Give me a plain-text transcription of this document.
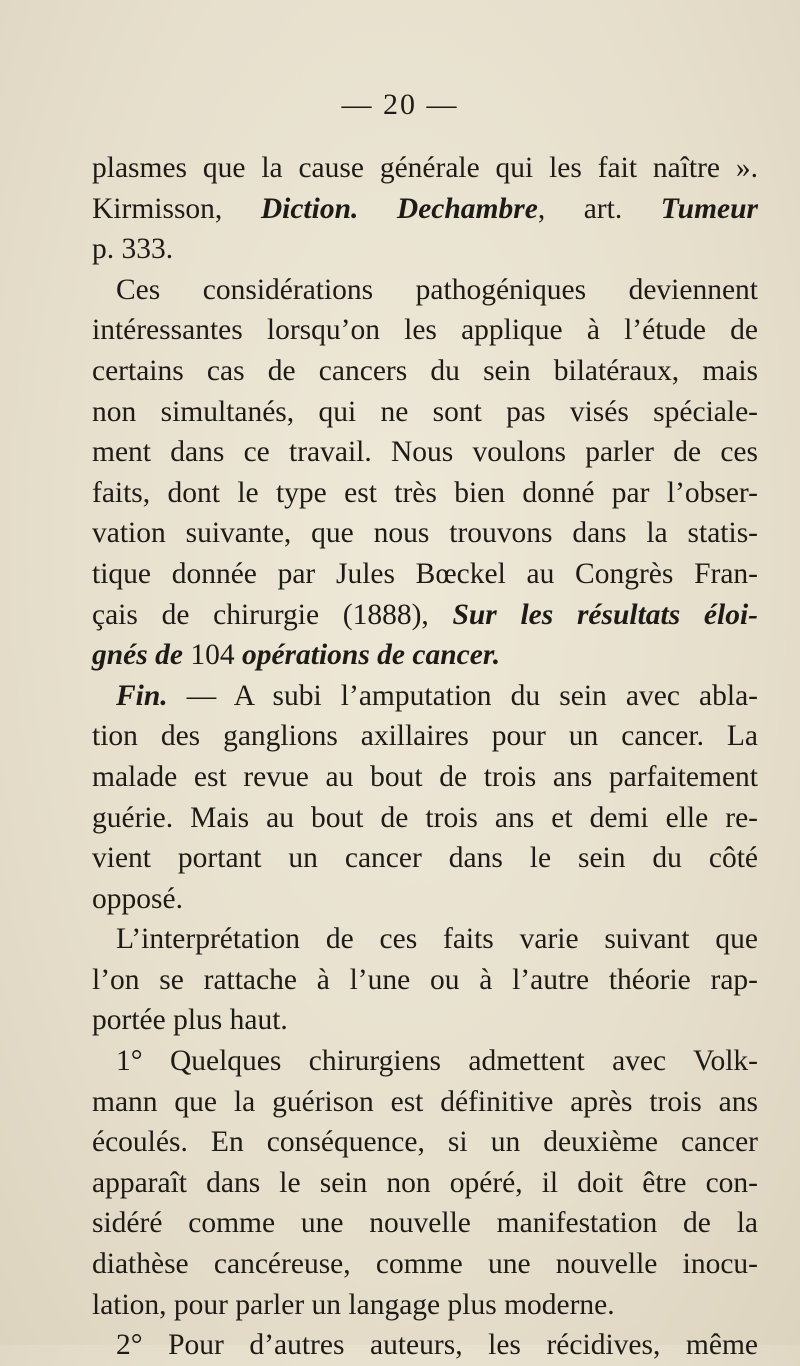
— 20 —
plasmes que la cause générale qui les fait naître ».
Kirmisson, Diction. Dechambre, art. Tumeur
p. 333.
Ces considérations pathogéniques deviennent
intéressantes lorsqu’on les applique à l’étude de
certains cas de cancers du sein bilatéraux, mais
non simultanés, qui ne sont pas visés spéciale-
ment dans ce travail. Nous voulons parler de ces
faits, dont le type est très bien donné par l’obser-
vation suivante, que nous trouvons dans la statis-
tique donnée par Jules Bœckel au Congrès Fran-
çais de chirurgie (1888), Sur les résultats éloi-
gnés de 104 opérations de cancer.
Fin. — A subi l’amputation du sein avec abla-
tion des ganglions axillaires pour un cancer. La
malade est revue au bout de trois ans parfaitement
guérie. Mais au bout de trois ans et demi elle re-
vient portant un cancer dans le sein du côté
opposé.
L’interprétation de ces faits varie suivant que
l’on se rattache à l’une ou à l’autre théorie rap-
portée plus haut.
1° Quelques chirurgiens admettent avec Volk-
mann que la guérison est définitive après trois ans
écoulés. En conséquence, si un deuxième cancer
apparaît dans le sein non opéré, il doit être con-
sidéré comme une nouvelle manifestation de la
diathèse cancéreuse, comme une nouvelle inocu-
lation, pour parler un langage plus moderne.
2° Pour d’autres auteurs, les récidives, même
